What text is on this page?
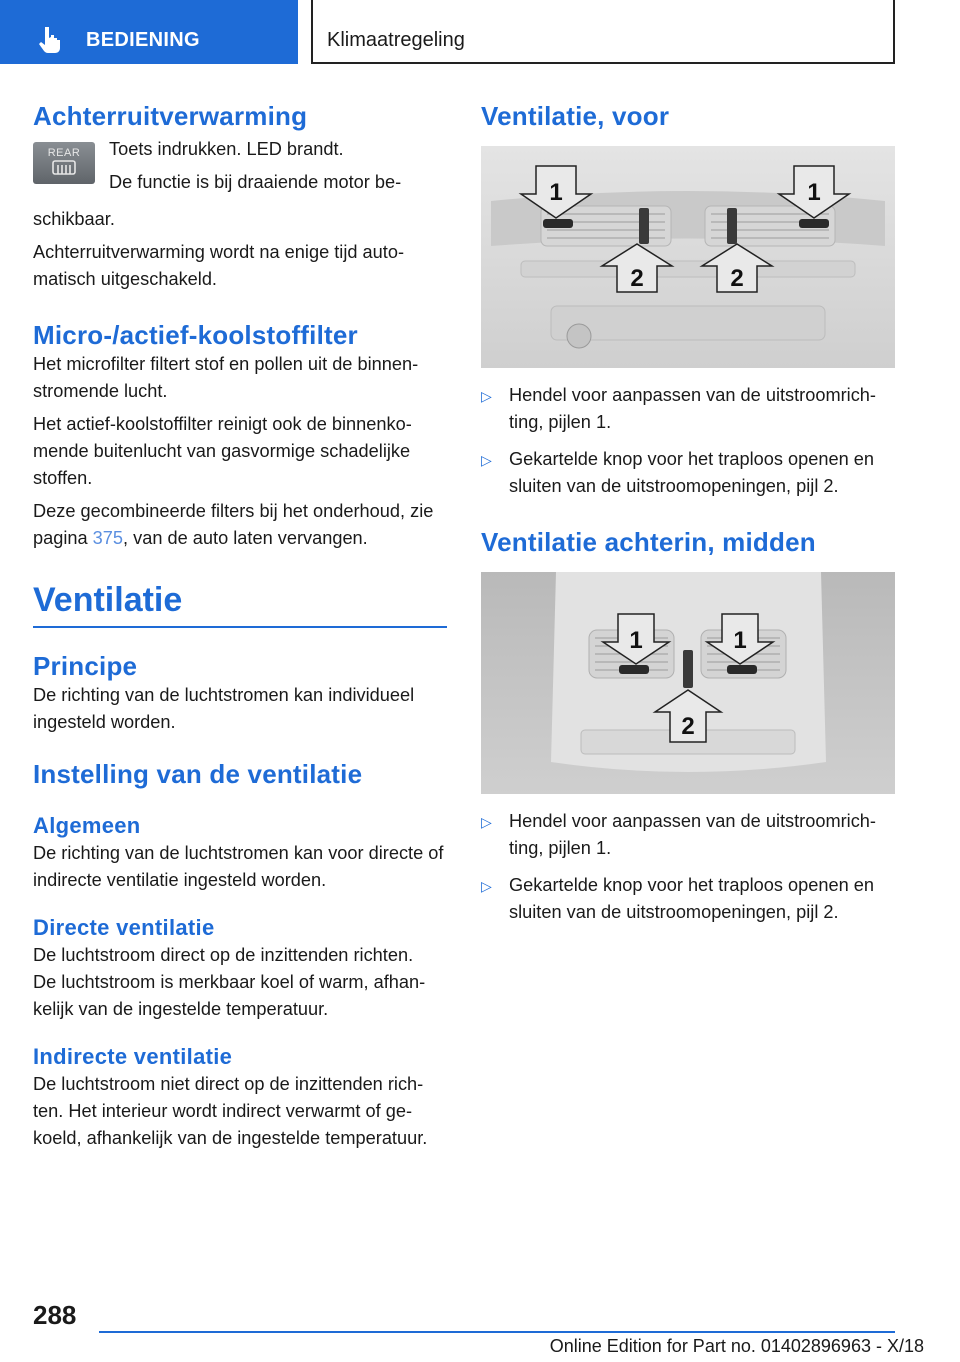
BEDIENING	Klimaatregeling
Achterruitverwarming
REAR	Toets indrukken. LED brandt.
De functie is bij draaiende motor be-
schikbaar.
Achterruitverwarming wordt na enige tijd auto-matisch uitgeschakeld.
Micro-/actief-koolstoffilter
Het microfilter filtert stof en pollen uit de binnen-stromende lucht.
Het actief-koolstoffilter reinigt ook de binnenko-mende buitenlucht van gasvormige schadelijke stoffen.
Deze gecombineerde filters bij het onderhoud, zie pagina 375, van de auto laten vervangen.
Ventilatie
Principe
De richting van de luchtstromen kan individueel ingesteld worden.
Instelling van de ventilatie
Algemeen
De richting van de luchtstromen kan voor directe of indirecte ventilatie ingesteld worden.
Directe ventilatie
De luchtstroom direct op de inzittenden richten.
De luchtstroom is merkbaar koel of warm, afhan-kelijk van de ingestelde temperatuur.
Indirecte ventilatie
De luchtstroom niet direct op de inzittenden rich-ten. Het interieur wordt indirect verwarmt of ge-koeld, afhankelijk van de ingestelde temperatuur.
Ventilatie, voor
1	1
2	2
▷ Hendel voor aanpassen van de uitstroomrich-ting, pijlen 1.
▷ Gekartelde knop voor het traploos openen en sluiten van de uitstroomopeningen, pijl 2.
Ventilatie achterin, midden
1	1
2
▷ Hendel voor aanpassen van de uitstroomrich-ting, pijlen 1.
▷ Gekartelde knop voor het traploos openen en sluiten van de uitstroomopeningen, pijl 2.
288
Online Edition for Part no. 01402896963 - X/18
